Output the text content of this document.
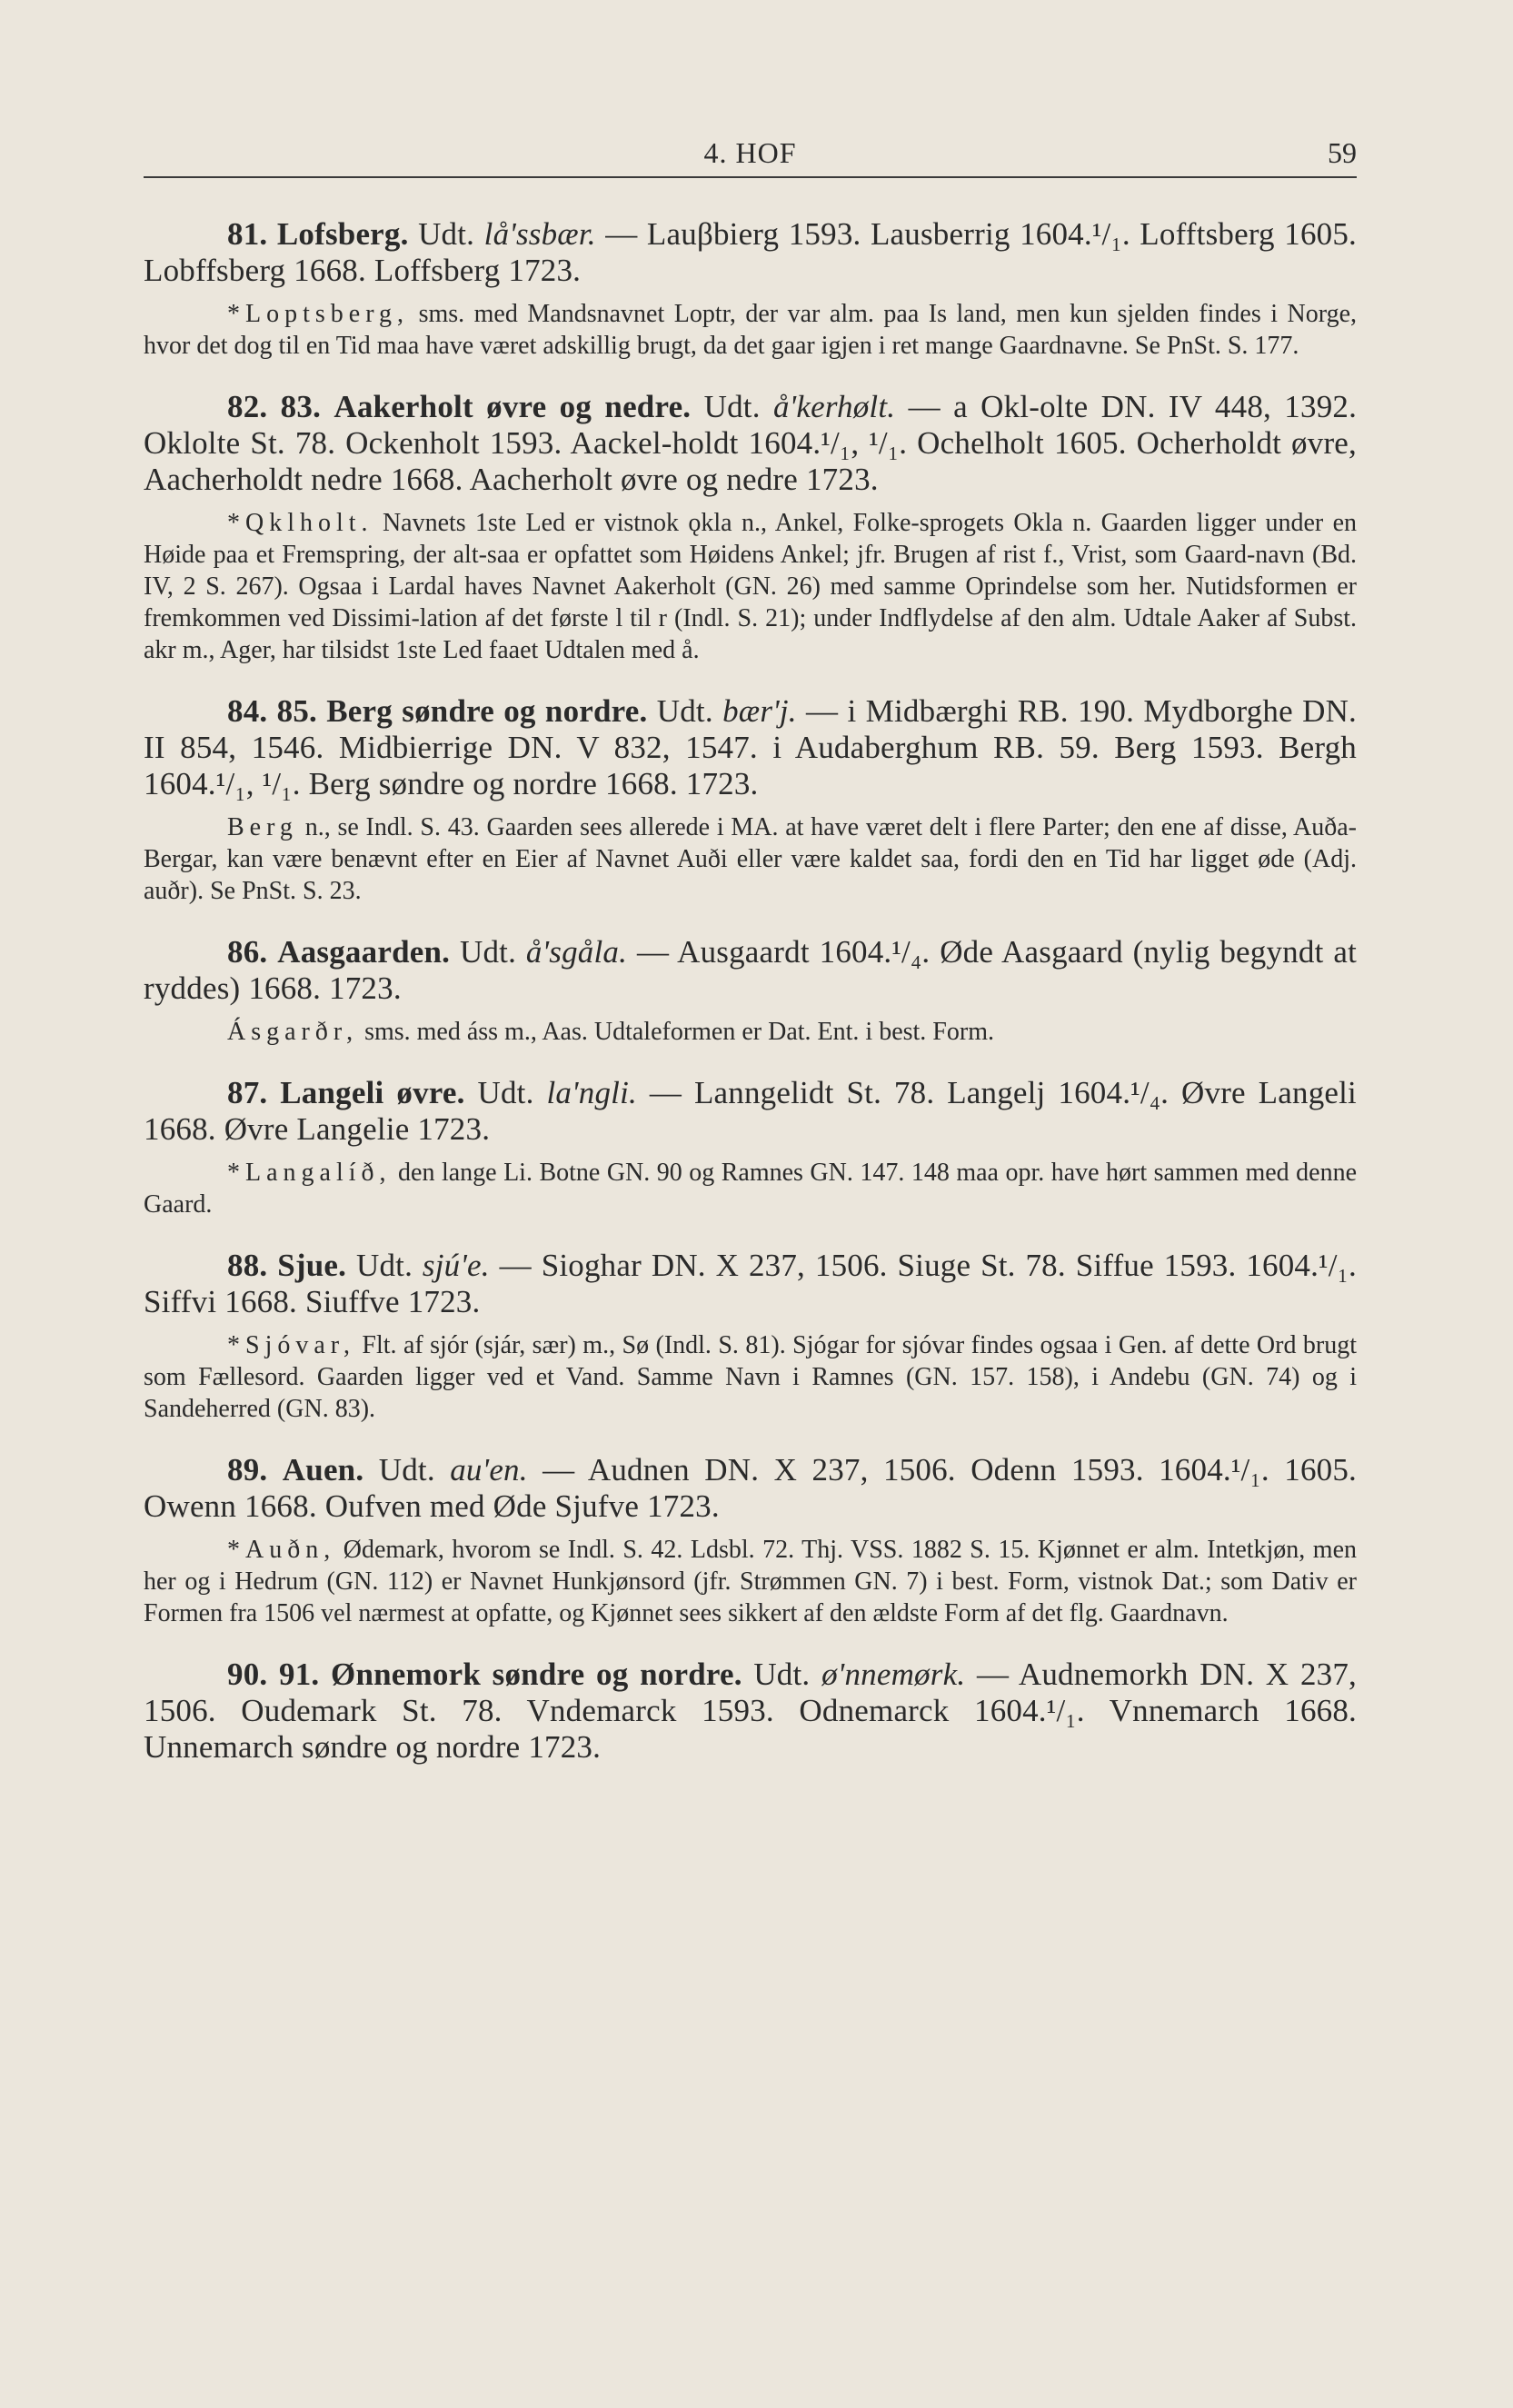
4. HOF	59

81. Lofsberg. Udt. lå'ssbær. — Lauβbierg 1593. Lausberrig 1604.¹/₁. Lofftsberg 1605. Lobffsberg 1668. Loffsberg 1723.

*Loptsberg, sms. med Mandsnavnet Loptr, der var alm. paa Is land, men kun sjelden findes i Norge, hvor det dog til en Tid maa have været adskillig brugt, da det gaar igjen i ret mange Gaardnavne. Se PnSt. S. 177.

82. 83. Aakerholt øvre og nedre. Udt. å'kerhølt. — a Okl-olte DN. IV 448, 1392. Oklolte St. 78. Ockenholt 1593. Aackel-holdt 1604.¹/₁, ¹/₁. Ochelholt 1605. Ocherholdt øvre, Aacherholdt nedre 1668. Aacherholt øvre og nedre 1723.

*Qklholt. Navnets 1ste Led er vistnok ǫkla n., Ankel, Folke-sprogets Okla n. Gaarden ligger under en Høide paa et Fremspring, der alt-saa er opfattet som Høidens Ankel; jfr. Brugen af rist f., Vrist, som Gaard-navn (Bd. IV, 2 S. 267). Ogsaa i Lardal haves Navnet Aakerholt (GN. 26) med samme Oprindelse som her. Nutidsformen er fremkommen ved Dissimi-lation af det første l til r (Indl. S. 21); under Indflydelse af den alm. Udtale Aaker af Subst. akr m., Ager, har tilsidst 1ste Led faaet Udtalen med å.

84. 85. Berg søndre og nordre. Udt. bær'j. — i Midbærghi RB. 190. Mydborghe DN. II 854, 1546. Midbierrige DN. V 832, 1547. i Audaberghum RB. 59. Berg 1593. Bergh 1604.¹/₁, ¹/₁. Berg søndre og nordre 1668. 1723.

Berg n., se Indl. S. 43. Gaarden sees allerede i MA. at have været delt i flere Parter; den ene af disse, Auða-Bergar, kan være benævnt efter en Eier af Navnet Auði eller være kaldet saa, fordi den en Tid har ligget øde (Adj. auðr). Se PnSt. S. 23.

86. Aasgaarden. Udt. å'sgåla. — Ausgaardt 1604.¹/₄. Øde Aasgaard (nylig begyndt at ryddes) 1668. 1723.

Ásgarðr, sms. med áss m., Aas. Udtaleformen er Dat. Ent. i best. Form.

87. Langeli øvre. Udt. la'ngli. — Lanngelidt St. 78. Langelj 1604.¹/₄. Øvre Langeli 1668. Øvre Langelie 1723.

*Langalíð, den lange Li. Botne GN. 90 og Ramnes GN. 147. 148 maa opr. have hørt sammen med denne Gaard.

88. Sjue. Udt. sjú'e. — Sioghar DN. X 237, 1506. Siuge St. 78. Siffue 1593. 1604.¹/₁. Siffvi 1668. Siuffve 1723.

*Sjóvar, Flt. af sjór (sjár, sær) m., Sø (Indl. S. 81). Sjógar for sjóvar findes ogsaa i Gen. af dette Ord brugt som Fællesord. Gaarden ligger ved et Vand. Samme Navn i Ramnes (GN. 157. 158), i Andebu (GN. 74) og i Sandeherred (GN. 83).

89. Auen. Udt. au'en. — Audnen DN. X 237, 1506. Odenn 1593. 1604.¹/₁. 1605. Owenn 1668. Oufven med Øde Sjufve 1723.

*Auðn, Ødemark, hvorom se Indl. S. 42. Ldsbl. 72. Thj. VSS. 1882 S. 15. Kjønnet er alm. Intetkjøn, men her og i Hedrum (GN. 112) er Navnet Hunkjønsord (jfr. Strømmen GN. 7) i best. Form, vistnok Dat.; som Dativ er Formen fra 1506 vel nærmest at opfatte, og Kjønnet sees sikkert af den ældste Form af det flg. Gaardnavn.

90. 91. Ønnemork søndre og nordre. Udt. ø'nnemørk. — Audnemorkh DN. X 237, 1506. Oudemark St. 78. Vndemarck 1593. Odnemarck 1604.¹/₁. Vnnemarch 1668. Unnemarch søndre og nordre 1723.
